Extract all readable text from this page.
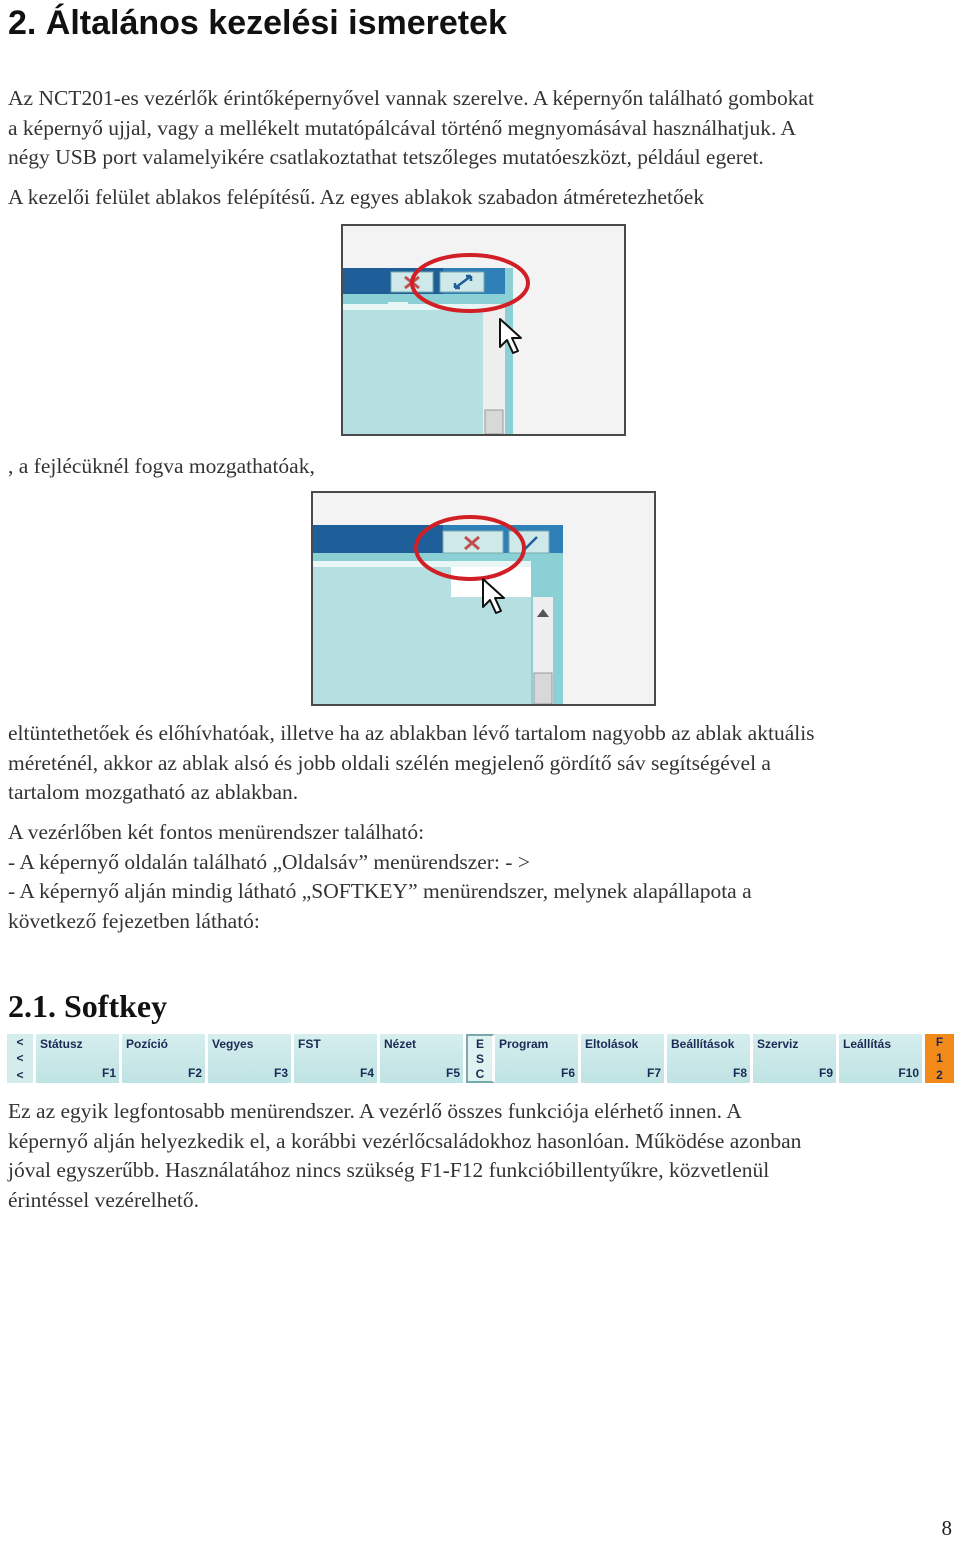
2. Általános kezelési ismeretek
Az NCT201-es vezérlők érintőképernyővel vannak szerelve. A képernyőn található gombokat
a képernyő ujjal, vagy a mellékelt mutatópálcával történő megnyomásával használhatjuk. A
négy USB port valamelyikére csatlakoztathat tetszőleges mutatóeszközt, például egeret.
A kezelői felület ablakos felépítésű. Az egyes ablakok szabadon átméretezhetőek
, a fejlécüknél fogva mozgathatóak,
eltüntethetőek és előhívhatóak, illetve ha az ablakban lévő tartalom nagyobb az ablak aktuális
méreténél, akkor az ablak alsó és jobb oldali szélén megjelenő gördítő sáv segítségével a
tartalom mozgatható az ablakban.
A vezérlőben két fontos menürendszer található:
- A képernyő oldalán található „Oldalsáv” menürendszer: - >
- A képernyő alján mindig látható „SOFTKEY” menürendszer, melynek alapállapota a
következő fejezetben látható:
2.1. Softkey
<
<
<
Státusz
F1
Pozíció
F2
Vegyes
F3
FST
F4
Nézet
F5
E
S
C
Program
F6
Eltolások
F7
Beállítások
F8
Szerviz
F9
Leállítás
F10
F
1
2
Ez az egyik legfontosabb menürendszer. A vezérlő összes funkciója elérhető innen. A
képernyő alján helyezkedik el, a korábbi vezérlőcsaládokhoz hasonlóan. Működése azonban
jóval egyszerűbb. Használatához nincs szükség F1-F12 funkcióbillentyűkre, közvetlenül
érintéssel vezérelhető.
8
